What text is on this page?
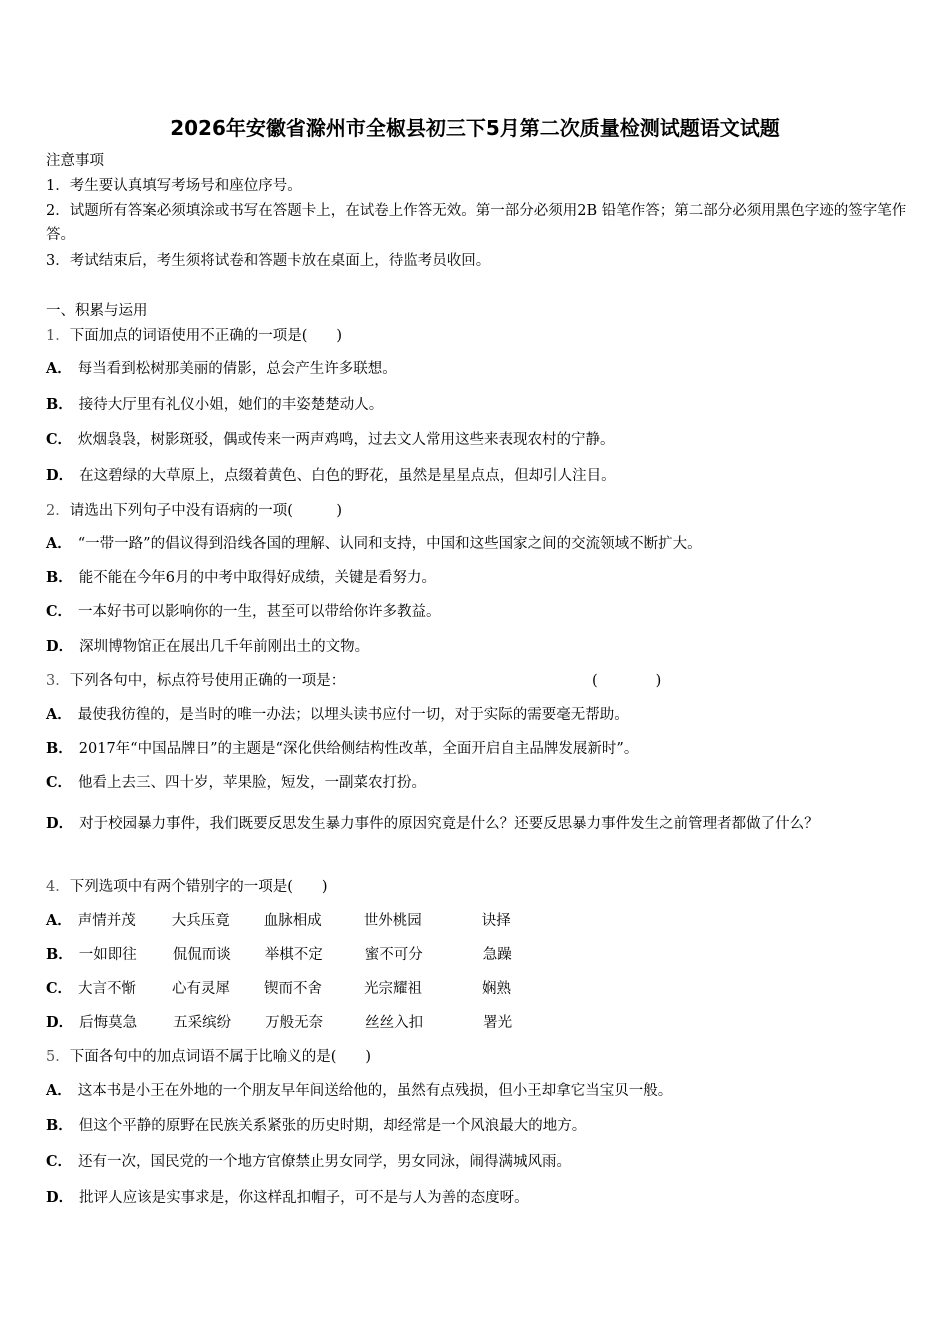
2026年安徽省滁州市全椒县初三下5月第二次质量检测试题语文试题
注意事项
1．考生要认真填写考场号和座位序号。
2．试题所有答案必须填涂或书写在答题卡上，在试卷上作答无效。第一部分必须用2B 铅笔作答；第二部分必须用黑色字迹的签字笔作答。
3．考试结束后，考生须将试卷和答题卡放在桌面上，待监考员收回。
一、积累与运用
1．下面加点的词语使用不正确的一项是(　　)
A． 每当看到松树那美丽的倩影，总会产生许多联想。
B． 接待大厅里有礼仪小姐，她们的丰姿楚楚动人。
C． 炊烟袅袅，树影斑驳，偶或传来一两声鸡鸣，过去文人常用这些来表现农村的宁静。
D． 在这碧绿的大草原上，点缀着黄色、白色的野花，虽然是星星点点，但却引人注目。
2．请选出下列句子中没有语病的一项(　　　)
A． “一带一路”的倡议得到沿线各国的理解、认同和支持，中国和这些国家之间的交流领域不断扩大。
B． 能不能在今年6月的中考中取得好成绩，关键是看努力。
C． 一本好书可以影响你的一生，甚至可以带给你许多教益。
D． 深圳博物馆正在展出几千年前刚出土的文物。
3．下列各句中，标点符号使用正确的一项是：	(　　　　)
A． 最使我彷徨的，是当时的唯一办法；以埋头读书应付一切，对于实际的需要毫无帮助。
B． 2017年“中国品牌日”的主题是“深化供给侧结构性改革，全面开启自主品牌发展新时”。
C． 他看上去三、四十岁，苹果脸，短发，一副菜农打扮。
D． 对于校园暴力事件，我们既要反思发生暴力事件的原因究竟是什么？还要反思暴力事件发生之前管理者都做了什么？
4．下列选项中有两个错别字的一项是(　　)
A． 声情并茂 大兵压竟 血脉相成	世外桃园	诀择
B． 一如即往 侃侃而谈 举棋不定	蜜不可分	急躁
C． 大言不惭 心有灵犀 锲而不舍	光宗耀祖	娴熟
D． 后悔莫急 五采缤纷 万般无奈	丝丝入扣	署光
5．下面各句中的加点词语不属于比喻义的是(　　)
A． 这本书是小王在外地的一个朋友早年间送给他的，虽然有点残损，但小王却拿它当宝贝一般。
B． 但这个平静的原野在民族关系紧张的历史时期，却经常是一个风浪最大的地方。
C． 还有一次，国民党的一个地方官僚禁止男女同学，男女同泳，闹得满城风雨。
D． 批评人应该是实事求是，你这样乱扣帽子，可不是与人为善的态度呀。
